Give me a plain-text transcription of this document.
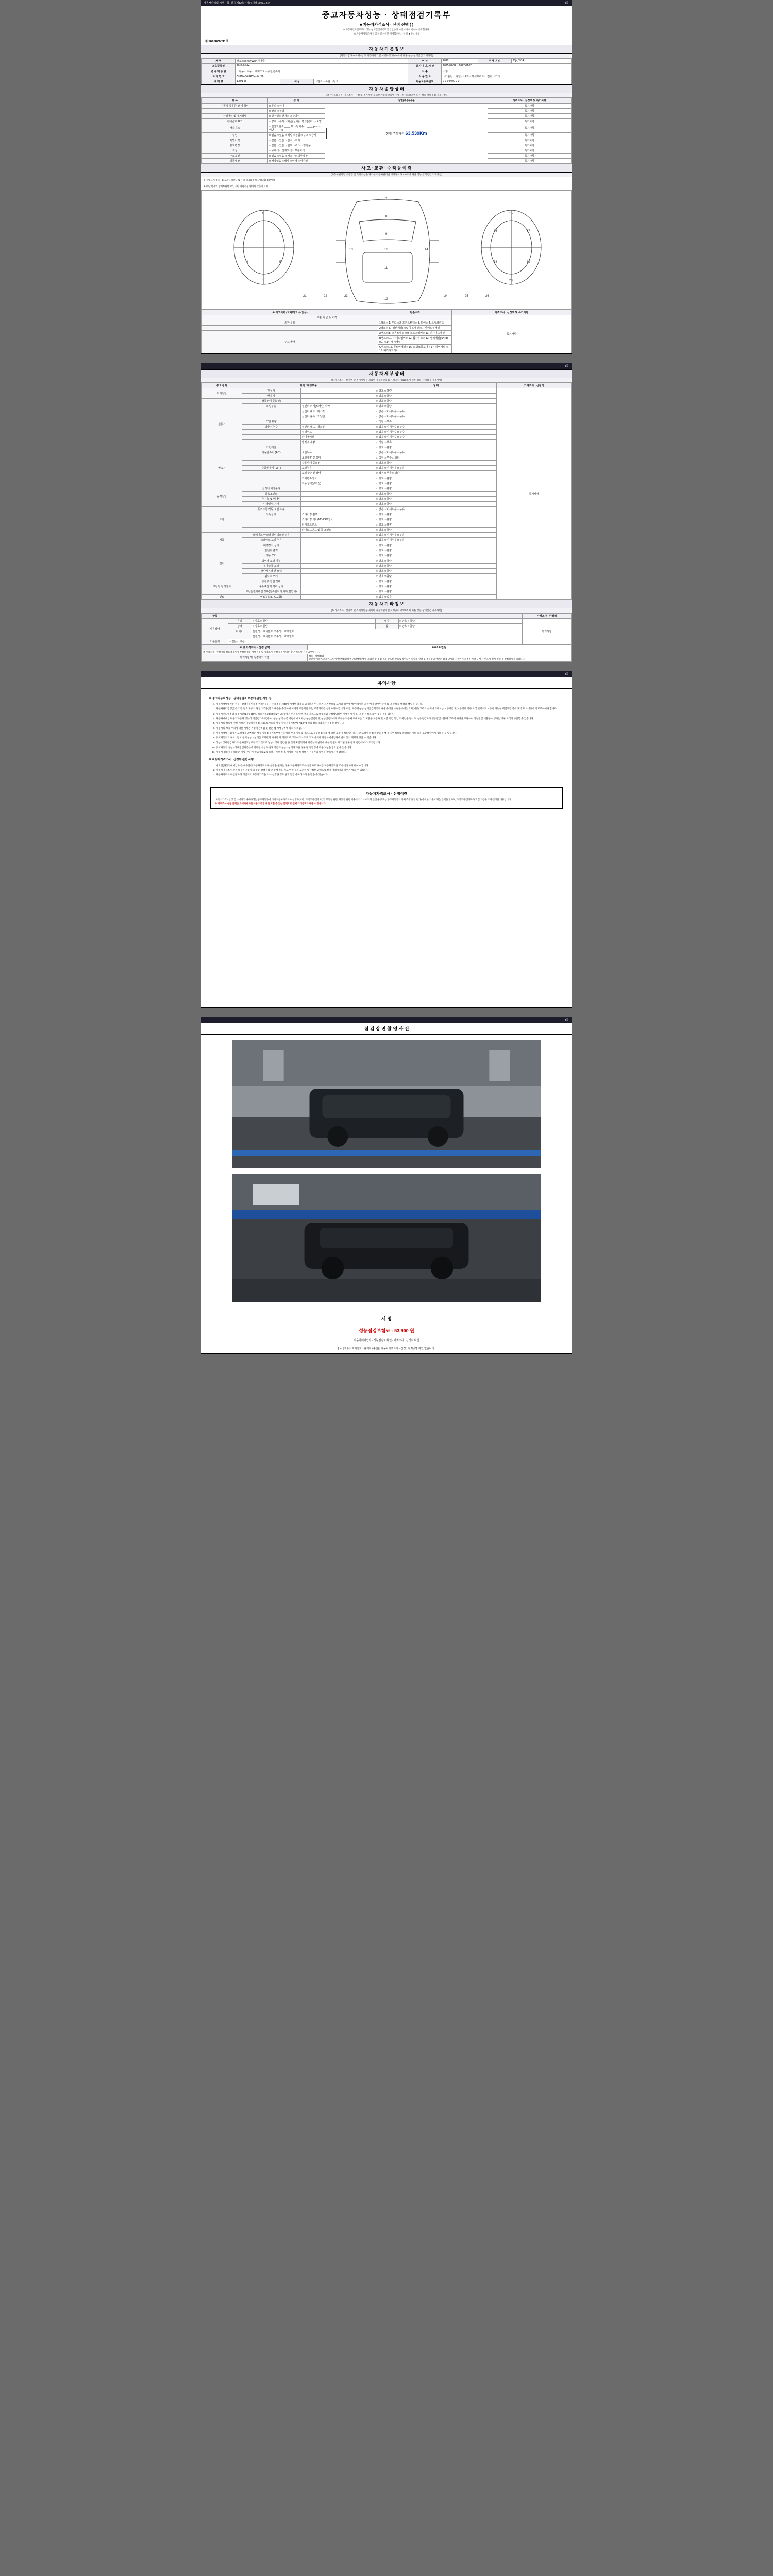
자동차관리법 시행규칙 [별지 제82호서식] <개정 2021.7.6.>	(3쪽)
중고자동차성능 · 상태점검기록부
■ 자동차가격조사 · 산정 선택 ( )
※ 자동차인도일로부터 성능·상태점검기록부 발급일부터 30일 이내에 한하여 유효합니다.
※ 자동차가격조사·산정 선택 시에만 기재합니다. ( 선택: ■ 유 □ 무 )
제 3610026691호
자 동 차 기 본 정 보
(자동차법 제58조제4항 및 자동차관리법 시행규칙 제120조에 따른 성능·상태점검 기재사항)
차 명	셀토스(SWD/W)(4세대급)			연 식	2019	주 행 거 리	30js,3914
최초등록일	2019-01-24			검 사 유 효 기 간	2025-01-04 ~ 2027-01-23		
변 속 기 종 류	□ 자동 □ 수동 □ 세미오토 □ 무단변속기			차 종	소형		
차 대 번 호	KNHCD0181KU147746			사 용 연 료	□ 가솔린 □ 디젤 □ LPG □ 하이브리드 □ 전기 □ 기타		
배 기 량	1,591 cc	색 상	□ 원색 □ 복합 □ 단색	자동차등록번호	0 0 0 0 0 0 0 0		
자 동 차 종 합 상 태
(※ 주: 주요골격, 가격조사 · 산정 및 특기사항 제외한 자동차관리법 시행규칙 제120조에 따른 성능·상태점검 기재사항)
항 목	상 태	정밀(세부)내용	가격조사 · 산정액 및 특기사항
자동차 등록증 상 태 확인	□ 동일 □ 상이	현재 주행거리 63,539Km	특기사항
	□ 양호 □ 불량		특기사항
주행거리 및 계기상태	□ 실주행 □ 변경 □ 조작의심		특기사항
차대번호 표기	□ 양호 □ 부식 □ 훼손(상이) □ 변조(변타) □ 도말		특기사항
배출가스	□ 일산화탄소 ____ % □ 탄화수소 ____ ppm □ 매연 ____ %		특기사항
튜닝	□ 없음 □ 있음 □ 적법 □ 불법 □ 구조 □ 장치		특기사항
특별이력	□ 없음 □ 있음 □ 침수 □ 화재		특기사항
용도변경	□ 없음 □ 있음 □ 렌트 □ 리스 □ 영업용		특기사항
색상	□ 무채색 □ 전체도색 □ 부분도색		특기사항
주요옵션	□ 없음 □ 있음 □ 제조사 □ 외부장착		특기사항
리콜대상	□ 해당없음 □ 해당 □ 이행 □ 미이행		특기사항
사 고 · 교 환 · 수 리 등 이 력
(자동차관리법 시행령 및 특기사항을 제외한 자동차관리법 시행규칙 제120조에 따른 성능·상태점검 기재사항)
※ 상태표시 부호 : ⊗(교환), X(판금 또는 용접), W(부식), A(흠집), C(부판)
※ 하단 항목의 상세부위번호와, 기타 차량특성 상태에 맞추어 표시
1
2	3
4	5
6
7
8
9
10
11
12
13	14
15
16	17
18	19
20
21	22	23	24	25	26
※ 사고이력 (교차/사고 유 없음)	단순수리	가격조사 · 산정액 및 특기사항
교환, 판금 등 이력		특기사항
외판 부위	1랭크 □ 1. 후드 □ 2. 프론트휀더 □ 3. 도어 □ 4. 트렁크리드	
	2랭크 □ 5. (쿼터패널) □ 6. 루프패널 □ 7. 사이드실패널	
주요 골격	A랭크 □ 8. 프론트패널 □ 9. 크로스멤버 □ 10. 인사이드패널	
	B랭크 □ 11. 사이드멤버 □ 12. 휠하우스 □ 13. 필러패널(□A □B □C) □ 14. 대시패널	
	C랭크 □ 15. 플로어패널 □ 16. 트렁크플로어 □ 17. 리어패널 □ 18. 패키지트레이	
(3쪽)
자 동 차 세 부 상 태
(※ 가격조사 · 산정액 및 특기사항을 제외한 자동차관리법 시행규칙 제120조에 따른 성능·상태점검 기재사항)
주요 장치	항목 / 해당부품		상 태	가격조사 · 산정액
자기진단	원동기		□ 양호 □ 불량	특기사항
	변속기		□ 양호 □ 불량	
원동기	작동상태(공회전)		□ 양호 □ 불량	
	오일누유	실린더 커버(로커암) 카바	□ 양호 □ 불량	
		실린더 헤드 / 개스킷	□ 없음 □ 미세누유 □ 누유	
		실린더 블록 / 오일팬	□ 없음 □ 미세누유 □ 누유	
	오일 유량		□ 적정 □ 부족	
	냉각수 누수	실린더 헤드 / 개스킷	□ 없음 □ 미세누수 □ 누수	
		워터펌프	□ 없음 □ 미세누수 □ 누수	
		라디에이터	□ 없음 □ 미세누수 □ 누수	
		냉각수 수량	□ 적정 □ 부족	
	커먼레일		□ 양호 □ 불량	
변속기	자동변속기 (A/T)	오일누유	□ 없음 □ 미세누유 □ 누유	
		오일유량 및 상태	□ 적정 □ 부족 □ 과다	
		작동상태(공회전)	□ 양호 □ 불량	
	수동변속기 (M/T)	오일누유	□ 없음 □ 미세누유 □ 누유	
		오일유량 및 상태	□ 적정 □ 부족 □ 과다	
		기어변속장치	□ 양호 □ 불량	
		작동상태(공회전)	□ 양호 □ 불량	
동력전달	클러치 어셈블리		□ 양호 □ 불량	
	등속조인트		□ 양호 □ 불량	
	추진축 및 베어링		□ 양호 □ 불량	
	디퍼렌셜 기어		□ 양호 □ 불량	
조향	동력조향 작동 오일 누유		□ 없음 □ 미세누유 □ 누유	
	작동상태	스티어링 펌프	□ 양호 □ 불량	
		스티어링 기어(MDPS포함)	□ 양호 □ 불량	
		타이로드엔드	□ 양호 □ 불량	
		타이로드엔드 및 볼 조인트	□ 양호 □ 불량	
제동	브레이크 마스터 실린더오일 누유		□ 없음 □ 미세누유 □ 누유	
	브레이크 오일 누유		□ 없음 □ 미세누유 □ 누유	
	배력장치 상태		□ 양호 □ 불량	
전기	발전기 출력		□ 양호 □ 불량	
	시동 모터		□ 양호 □ 불량	
	와이퍼 모터 기능		□ 양호 □ 불량	
	실내송풍 모터		□ 양호 □ 불량	
	라디에이터 팬 모터		□ 양호 □ 불량	
	윈도우 모터		□ 양호 □ 불량	
고전원 전기장치	충전구 절연 상태		□ 양호 □ 불량	
	구동축전지 격리 상태		□ 양호 □ 불량	
	고전원전기배선 상태(접속단자의,피복,절연체)		□ 양호 □ 불량	
연료	연료누설(LPG포함)		□ 없음 □ 있음	
자 동 차 기 타 정 보
(※ 가격조사 · 산정액 및 특기사항을 제외한 자동차관리법 시행규칙 제120조에 따른 성능·상태점검 기재사항)
항목					가격조사 · 산정액
사용상태	유리	□ 양호 □ 불량	내장	□ 양호 □ 불량	특기사항
	광택	□ 양호 □ 불량	휠	□ 양호 □ 불량	
	타이어	운전석 □ 교체필요 조수석 □ 교체필요			
		운전석 □ 교체필요 조수석 □ 교체필요			
기본품목	□ 없음 □ 있음				
※ 총 가격조사 · 산정 금액	0 0 0 0 만원
※ 가격조사 · 산정자의 성능점검자가 작성한 성능·상태점검 및 가격조사·산정 내용에 따른 총 가격조사·산정 금액입니다.	
특기사항 및 점검자의 의견	성능 · 상태점검
엔진미션/리어/브레이크/타이어/밧데리/휠/전구/광택/하체/실내/외관 등 점검 결과 양호한 것으로 확인되며 차량의 상태 및 부품명의 판단은 점검 당시의 기준이며 최종적 차량 구매 시 반드시 실차 확인 후 결정하시기 바랍니다.
(3쪽)
유의사항
※ 중고자동차성능 · 상태점검과 보증에 관한 사항 등
1. 자동차매매업자는 성능 · 상태점검기록부(이하 "성능 · 상태 부록 제30에 기재한 내용을 고지하지 아니하거나 거짓으로 고지할 경우에 매수인(이하 고객)에게 발생한 손해를 그 손해를 배상할 책임을 갑니다.
2. 자동차관리법령(같은 거민 장소 모두의 당연 고객용(문과 내용을 수정하여 이해의 보증기간 또는 보증거리를 설정하여야 합니다. 다만, 자동차성능·상태점검기록부 내용 수정을 수정을 수정있으며(해당) 고객의 선택에 의해서는 보증기간 및 보증거리 이하 고객 선택으로 보증이 가능한 책임보험 중에 계약 후 소비자에게 교부하여야 합니다.
3. 자동차인도일부터 보증기간(1개월 30일, 보증거리(2000킬로미터) 중에서 먼저 도달한 것을 기준으로 보증책임 산정범위하여 이행하여 이후, 그 중 본적 도래한 것을 적용 합니다.
4. 자동차매매업자 중고자동차 성능·상태점검기록부(이하 "성능·상태 부록 이전에 매도자는 성능점검자 및 성능점검자에게 교부한 자동차 구매자는 그 지원을 보증자 및 보증 기간 동안의 책임을 집니다. 성능점검자가 성능점검 내용과 고객이 차량을 보관하여 성능점검 내용을 이행하는 경우 고객이 부담할 수 있습니다.
5. 자동차의 성능에 관한 사항은 자동차관리법 제58조(자동차 성능·상태점검기록부) 제1항에 따라 성능점검자가 점검한 것입니다.
6. 자동차의 보증 수리에 대한 사항은 자동차관리법 및 같은 법 시행규칙에 따라 처리됩니다.
7. 자동차매매사업자가 고객에게 교부하는 성능·상태점검기록부에는 차량의 현재 상태를 기준으로 성능점검 내용에 대한 보증이 적용됩니다. 다만 고객이 직접 차량을 운행 중 자연적으로 발생하는 마모 등은 보증대상에서 제외될 수 있습니다.
8. 중고자동차의 구조 · 장치 등의 성능 · 상태를 고지하지 아니한 자 거짓으로 고지하거나 거짓 고지에 대해 자동차매매업자에 벌칙 등의 제재가 있을 수 있습니다.
9. 성능 · 상태점검자가 자동차인도일로부터 거짓으로 성능 · 상태 점검을 한 것이 확인되거나 기록부 작성자에 대한 민원이 제기된 경우 관계 법령에 따라 조치됩니다.
10. 중고자동차 성능 · 상태점검기록부에 기재된 사항과 실제 차량의 성능 · 상태가 다른 경우 관계 법령에 따른 보상을 받으실 수 있습니다.
11. 자동차 성능점검 내용은 차량 구입 시 참고자료로 활용하시기 바라며, 차량의 구체적 상태는 전문가의 확인을 받으시기 바랍니다.
※ 자동차가격조사 · 산정에 관한 사항
1. 매도인(자동차매매업자)은 매수인이 자동차가격조사·산정을 원하는 경우 자동차가격조사·산정자로 하여금 자동차가격을 조사·산정하게 하여야 합니다.
2. 자동차가격조사·산정 내용은 자동차의 성능·상태점검 및 주행거리, 사고 이력 등을 고려하여 산정한 금액으로 실제 거래가격과 차이가 있을 수 있습니다.
3. 자동차가격조사·산정자가 거짓으로 자동차가격을 조사·산정한 경우 관계 법령에 따라 처벌을 받을 수 있습니다.
자동차가격조사 · 산정이란
"자동차가격 · 산정"은 소비자가 매매하려는 중고자동차에 대해 자동차가격조사·산정자(이하 "가격조사·산정자")가 부동산 관련, 자동차 관련 기술에 의거 소비자가 안전 운행 또는 중고자동차의 가치 측정(판단 평가)에 대한 기준이 되는 금액을 말하며, 가격조사·산정자가 직접 차량을 조사·산정한 내용입니다.
※ 가격조사·산정 금액은 소비자가 자동차를 거래할 때 참고할 수 있는 금액으로 실제 거래금액과 다를 수 있습니다.
(3쪽)
점 검 장 면 촬 영 사 진
서 명
성능점검보험료 : 53,900 원
자동차매매업자 · 성능점검자 확인 / 가격조사 · 산정자 확인
[ ▼ ] 자동차매매업자 · 관계자 (총인) [ 자동차가격조사 · 산정 ] 자격증명 확인/없습니다.
